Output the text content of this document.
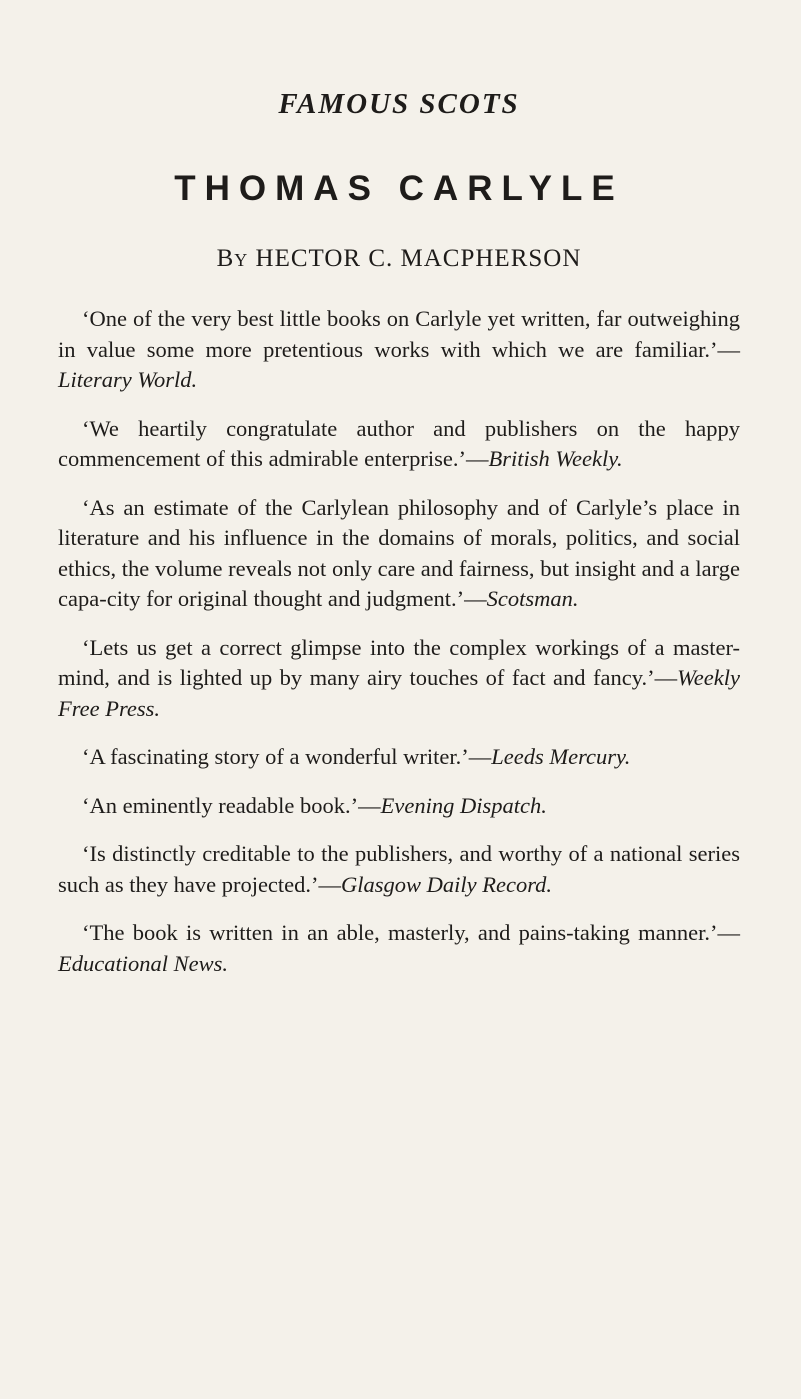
FAMOUS SCOTS
THOMAS CARLYLE
By HECTOR C. MACPHERSON
‘One of the very best little books on Carlyle yet written, far outweighing in value some more pretentious works with which we are familiar.’—Literary World.
‘We heartily congratulate author and publishers on the happy commencement of this admirable enterprise.’—British Weekly.
‘As an estimate of the Carlylean philosophy and of Carlyle’s place in literature and his influence in the domains of morals, politics, and social ethics, the volume reveals not only care and fairness, but insight and a large capa-city for original thought and judgment.’—Scotsman.
‘Lets us get a correct glimpse into the complex workings of a master-mind, and is lighted up by many airy touches of fact and fancy.’—Weekly Free Press.
‘A fascinating story of a wonderful writer.’—Leeds Mercury.
‘An eminently readable book.’—Evening Dispatch.
‘Is distinctly creditable to the publishers, and worthy of a national series such as they have projected.’—Glasgow Daily Record.
‘The book is written in an able, masterly, and pains-taking manner.’—Educational News.
